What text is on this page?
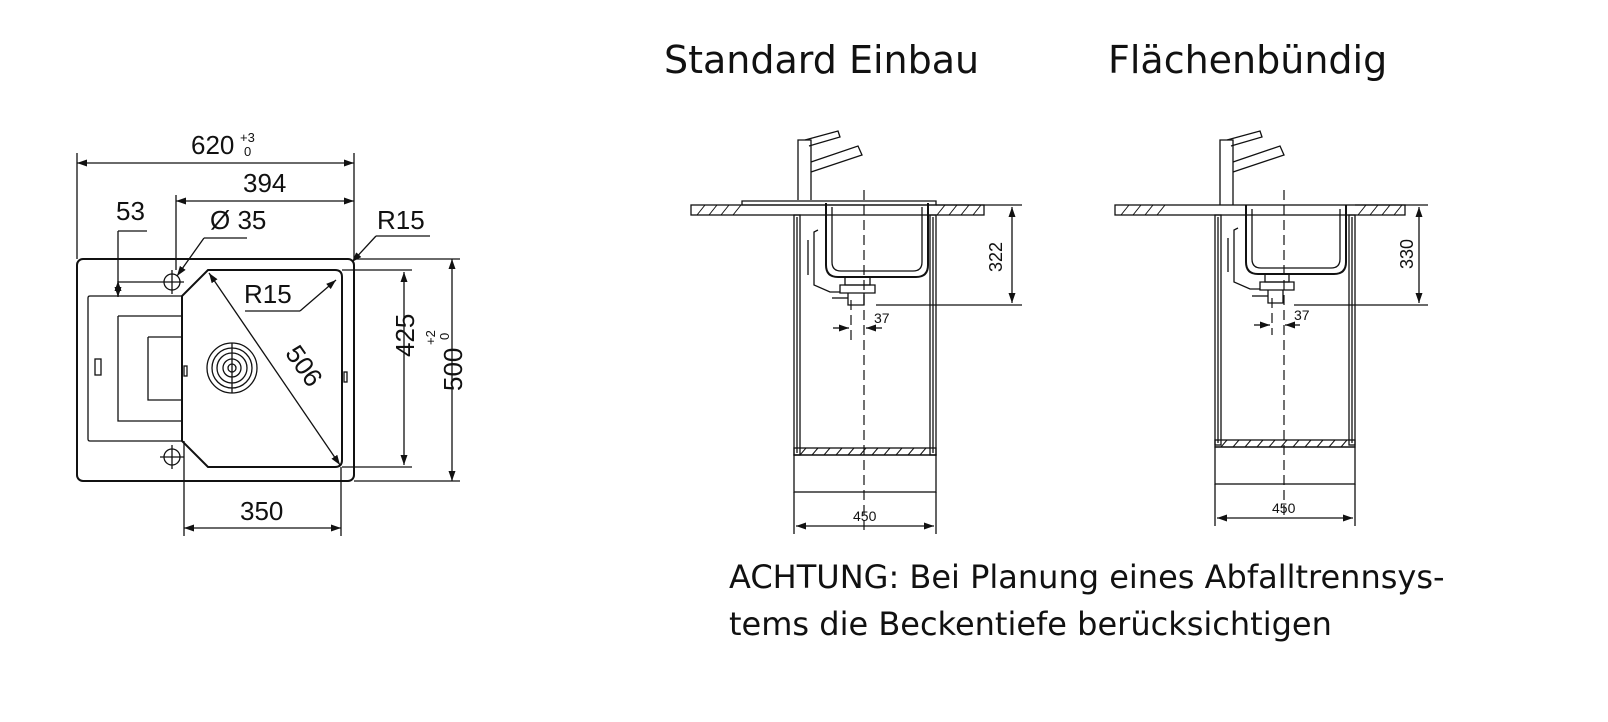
620 +3
0
394
53	Ø 35	R15
R15
506
425
500
+2 0
350
Standard Einbau	Flächenbündig
322
37
450
330
37
450
ACHTUNG: Bei Planung eines Abfalltrennsys-
tems die Beckentiefe berücksichtigen
